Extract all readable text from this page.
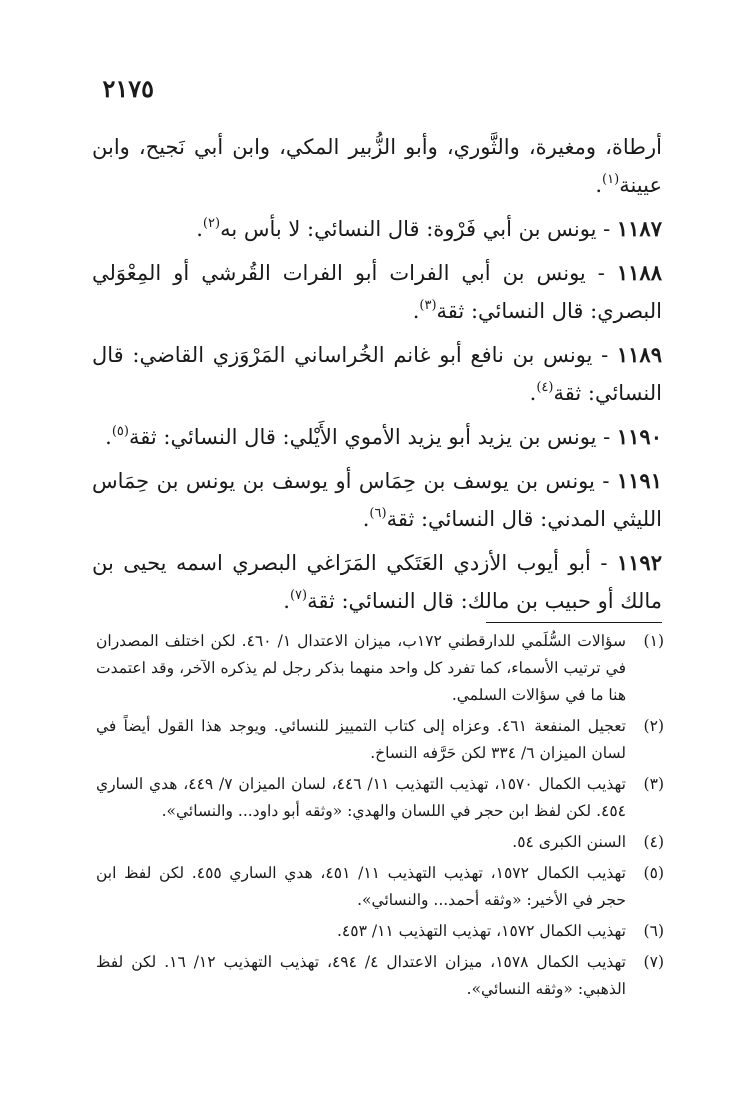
٢١٧٥

أرطاة، ومغيرة، والثَّوري، وأبو الزُّبير المكي، وابن أبي نَجيح، وابن عيينة$^{(١)}$.

١١٨٧ - يونس بن أبي فَرْوة: قال النسائي: لا بأس به$^{(٢)}$.

١١٨٨ - يونس بن أبي الفرات أبو الفرات القُرشي أو المِعْوَلي البصري: قال النسائي: ثقة$^{(٣)}$.

١١٨٩ - يونس بن نافع أبو غانم الخُراساني المَرْوَزي القاضي: قال النسائي: ثقة$^{(٤)}$.

١١٩٠ - يونس بن يزيد أبو يزيد الأموي الأَيْلي: قال النسائي: ثقة$^{(٥)}$.

١١٩١ - يونس بن يوسف بن حِمَاس أو يوسف بن يونس بن حِمَاس الليثي المدني: قال النسائي: ثقة$^{(٦)}$.

١١٩٢ - أبو أيوب الأزدي العَتَكي المَرَاغي البصري اسمه يحيى بن مالك أو حبيب بن مالك: قال النسائي: ثقة$^{(٧)}$.

(١)
سؤالات السُّلَمي للدارقطني ١٧٢ب، ميزان الاعتدال ١/ ٤٦٠. لكن اختلف المصدران في ترتيب الأسماء، كما تفرد كل واحد منهما بذكر رجل لم يذكره الآخر، وقد اعتمدت هنا ما في سؤالات السلمي.
(٢)
تعجيل المنفعة ٤٦١. وعزاه إلى كتاب التمييز للنسائي. ويوجد هذا القول أيضاً في لسان الميزان ٦/ ٣٣٤ لكن حَرَّفه النساخ.
(٣)
تهذيب الكمال ١٥٧٠، تهذيب التهذيب ١١/ ٤٤٦، لسان الميزان ٧/ ٤٤٩، هدي الساري ٤٥٤. لكن لفظ ابن حجر في اللسان والهدي: «وثقه أبو داود... والنسائي».
(٤)
السنن الكبرى ٥٤.
(٥)
تهذيب الكمال ١٥٧٢، تهذيب التهذيب ١١/ ٤٥١، هدي الساري ٤٥٥. لكن لفظ ابن حجر في الأخير: «وثقه أحمد... والنسائي».
(٦)
تهذيب الكمال ١٥٧٢، تهذيب التهذيب ١١/ ٤٥٣.
(٧)
تهذيب الكمال ١٥٧٨، ميزان الاعتدال ٤/ ٤٩٤، تهذيب التهذيب ١٢/ ١٦. لكن لفظ الذهبي: «وثقه النسائي».
